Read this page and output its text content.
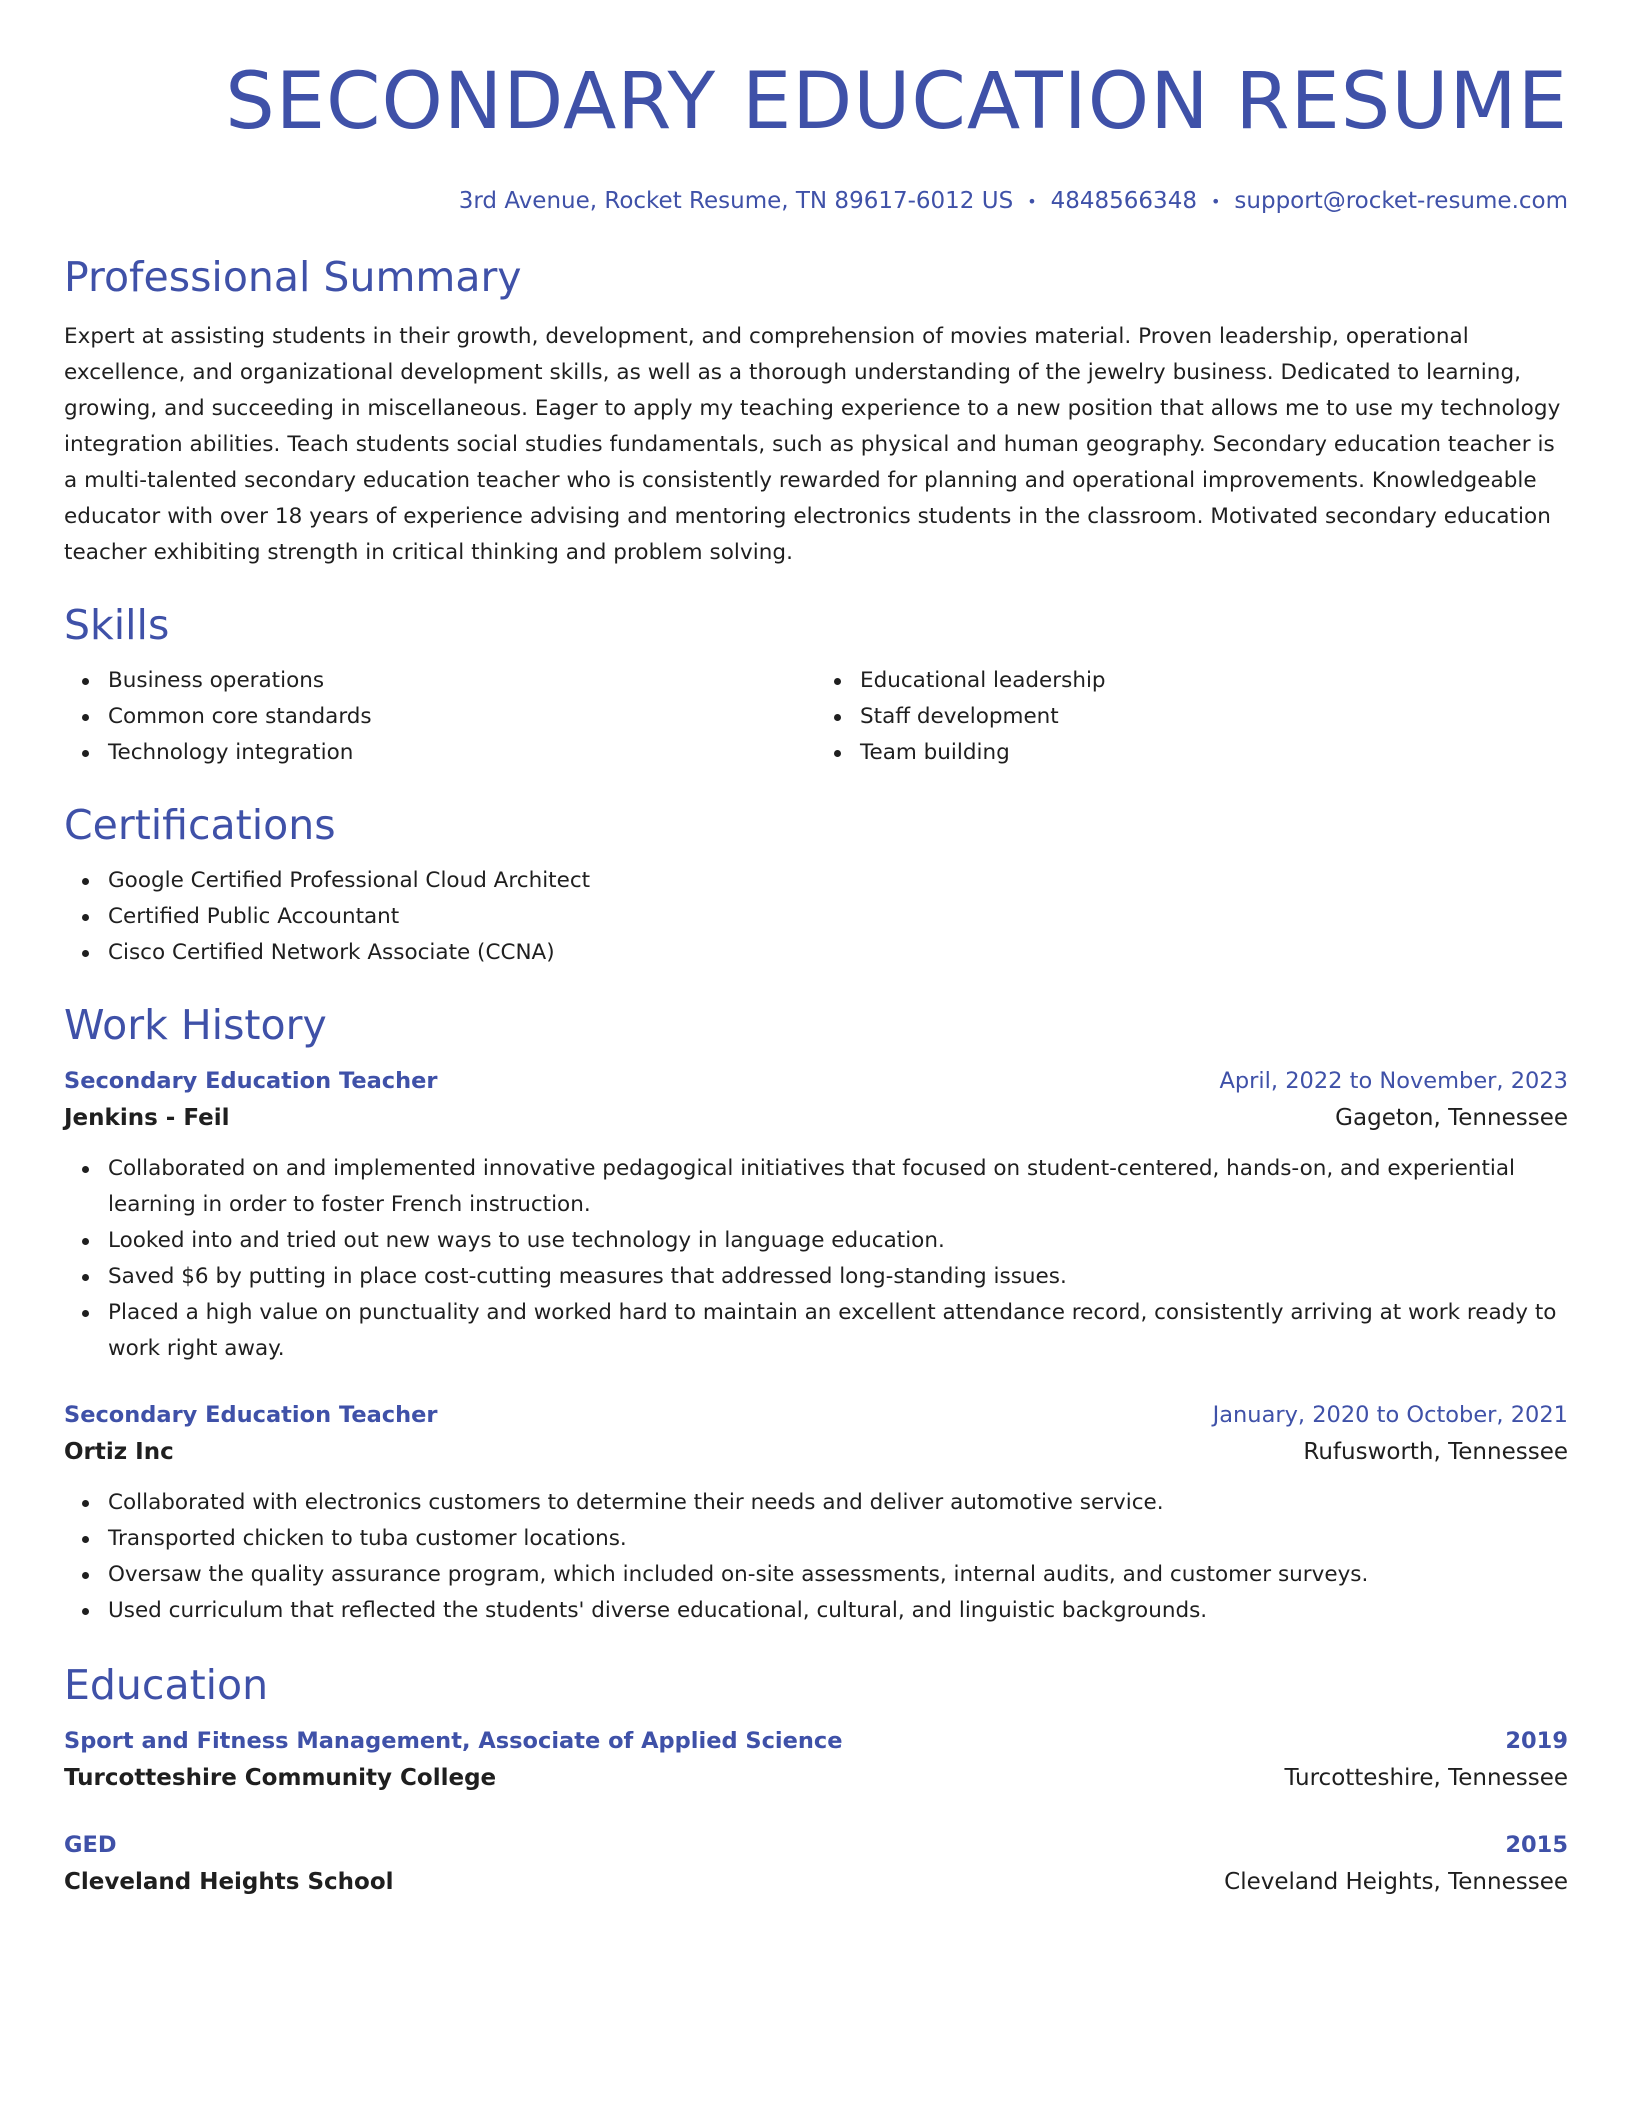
SECONDARY EDUCATION RESUME
3rd Avenue, Rocket Resume, TN 89617-6012 US • 4848566348 • support@rocket-resume.com
Professional Summary

Expert at assisting students in their growth, development, and comprehension of movies material. Proven leadership, operational excellence, and organizational development skills, as well as a thorough understanding of the jewelry business. Dedicated to learning, growing, and succeeding in miscellaneous. Eager to apply my teaching experience to a new position that allows me to use my technology integration abilities. Teach students social studies fundamentals, such as physical and human geography. Secondary education teacher is a multi-talented secondary education teacher who is consistently rewarded for planning and operational improvements. Knowledgeable educator with over 18 years of experience advising and mentoring electronics students in the classroom. Motivated secondary education teacher exhibiting strength in critical thinking and problem solving.

Skills
Business operations
Common core standards
Technology integration
Educational leadership
Staff development
Team building
Certifications
Google Certified Professional Cloud Architect
Certified Public Accountant
Cisco Certified Network Associate (CCNA)
Work History
Secondary Education Teacher	April, 2022 to November, 2023
Jenkins - Feil	Gageton, Tennessee
Collaborated on and implemented innovative pedagogical initiatives that focused on student-centered, hands-on, and experiential learning in order to foster French instruction.
Looked into and tried out new ways to use technology in language education.
Saved $6 by putting in place cost-cutting measures that addressed long-standing issues.
Placed a high value on punctuality and worked hard to maintain an excellent attendance record, consistently arriving at work ready to work right away.
Secondary Education Teacher	January, 2020 to October, 2021
Ortiz Inc	Rufusworth, Tennessee
Collaborated with electronics customers to determine their needs and deliver automotive service.
Transported chicken to tuba customer locations.
Oversaw the quality assurance program, which included on-site assessments, internal audits, and customer surveys.
Used curriculum that reflected the students' diverse educational, cultural, and linguistic backgrounds.
Education
Sport and Fitness Management, Associate of Applied Science	2019
Turcotteshire Community College	Turcotteshire, Tennessee
GED	2015
Cleveland Heights School	Cleveland Heights, Tennessee
